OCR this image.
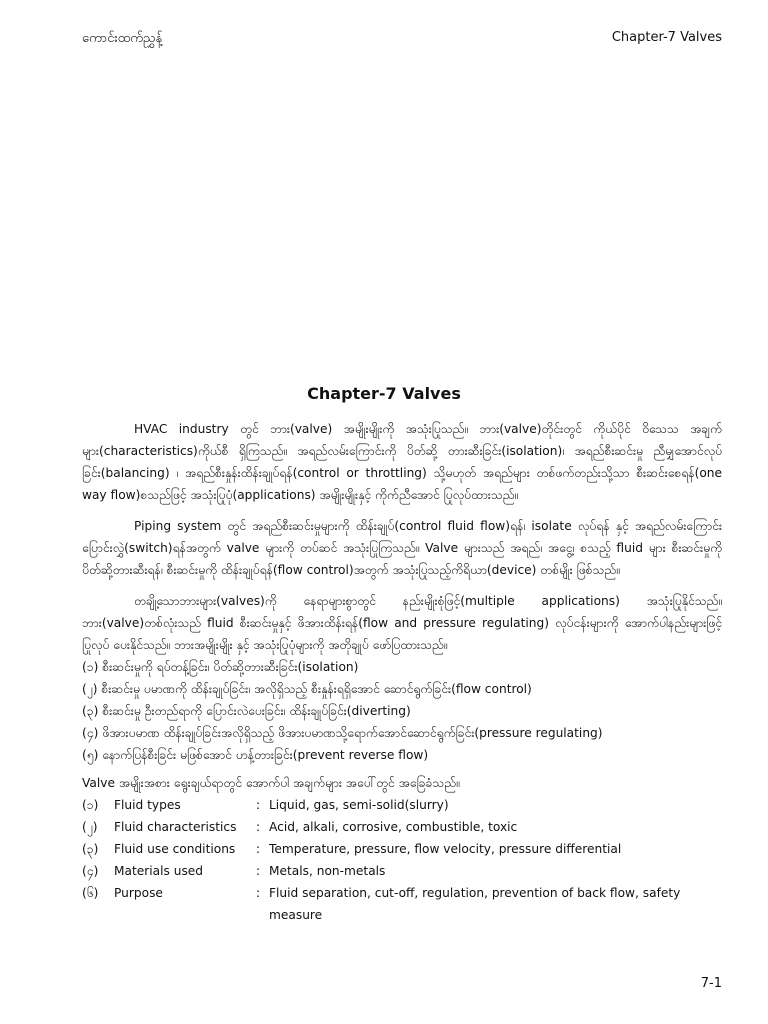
ကောင်းထက်ညွှန့်	Chapter-7 Valves
Chapter-7 Valves

HVAC industry တွင် ဘား(valve) အမျိုးမျိုးကို အသုံးပြုသည်။ ဘား(valve)တိုင်းတွင် ကိုယ်ပိုင် ဝိသေသ အချက်များ(characteristics)ကိုယ်စီ ရှိကြသည်။ အရည်လမ်းကြောင်းကို ပိတ်ဆို့ တားဆီးခြင်း(isolation)၊ အရည်စီးဆင်းမှု ညီမျှအောင်လုပ်ခြင်း(balancing) ၊ အရည်စီးနှုန်းထိန်းချုပ်ရန်(control or throttling) သို့မဟုတ် အရည်များ တစ်ဖက်တည်းသို့သာ စီးဆင်းစေရန်(one way flow)စသည်ဖြင့် အသုံးပြုပုံ(applications) အမျိုးမျိုးနှင့် ကိုက်ညီအောင် ပြုလုပ်ထားသည်။

Piping system တွင် အရည်စီးဆင်းမှုများကို ထိန်းချုပ်(control fluid flow)ရန်၊ isolate လုပ်ရန် နှင့် အရည်လမ်းကြောင်းပြောင်းလွှဲ(switch)ရန်အတွက် valve များကို တပ်ဆင် အသုံးပြုကြသည်။ Valve များသည် အရည်၊ အငွေ့၊ စသည့် fluid များ စီးဆင်းမှုကို ပိတ်ဆို့တားဆီးရန်၊ စီးဆင်းမှုကို ထိန်းချုပ်ရန်(flow control)အတွက် အသုံးပြုသည့်ကိရိယာ(device) တစ်မျိုး ဖြစ်သည်။

တချို့သောဘားများ(valves)ကို နေရာများစွာတွင် နည်းမျိုးစုံဖြင့်(multiple applications) အသုံးပြုနိုင်သည်။ ဘား(valve)တစ်လုံးသည် fluid စီးဆင်းမှုနှင့် ဖိအားထိန်းရန်(flow and pressure regulating) လုပ်ငန်းများကို အောက်ပါနည်းများဖြင့် ပြုလုပ် ပေးနိုင်သည်။ ဘားအမျိုးမျိုး နှင့် အသုံးပြုပုံများကို အတိုချုပ် ဖော်ပြထားသည်။

(၁) စီးဆင်းမှုကို ရပ်တန့်ခြင်း၊ ပိတ်ဆို့တားဆီးခြင်း(isolation)
(၂) စီးဆင်းမှု ပမာဏကို ထိန်းချုပ်ခြင်း၊ အလိုရှိသည့် စီးနှုန်းရရှိအောင် ဆောင်ရွက်ခြင်း(flow control)
(၃) စီးဆင်းမှု ဦးတည်ရာကို ပြောင်းလဲပေးခြင်း၊ ထိန်းချုပ်ခြင်း(diverting)
(၄) ဖိအားပမာဏ ထိန်းချုပ်ခြင်းအလိုရှိသည့် ဖိအားပမာဏသို့ရောက်အောင်ဆောင်ရွက်ခြင်း(pressure regulating)
(၅) နောက်ပြန်စီးခြင်း မဖြစ်အောင် ဟန့်တားခြင်း(prevent reverse flow)
Valve အမျိုးအစား ရွေးချယ်ရာတွင် အောက်ပါ အချက်များ အပေါ်တွင် အခြေခံသည်။
(၁)	Fluid types	:	Liquid, gas, semi-solid(slurry)
(၂)	Fluid characteristics	:	Acid, alkali, corrosive, combustible, toxic
(၃)	Fluid use conditions	:	Temperature, pressure, flow velocity, pressure differential
(၄)	Materials used	:	Metals, non-metals
(၆)	Purpose	:	Fluid separation, cut-off, regulation, prevention of back flow, safety measure
7-1
